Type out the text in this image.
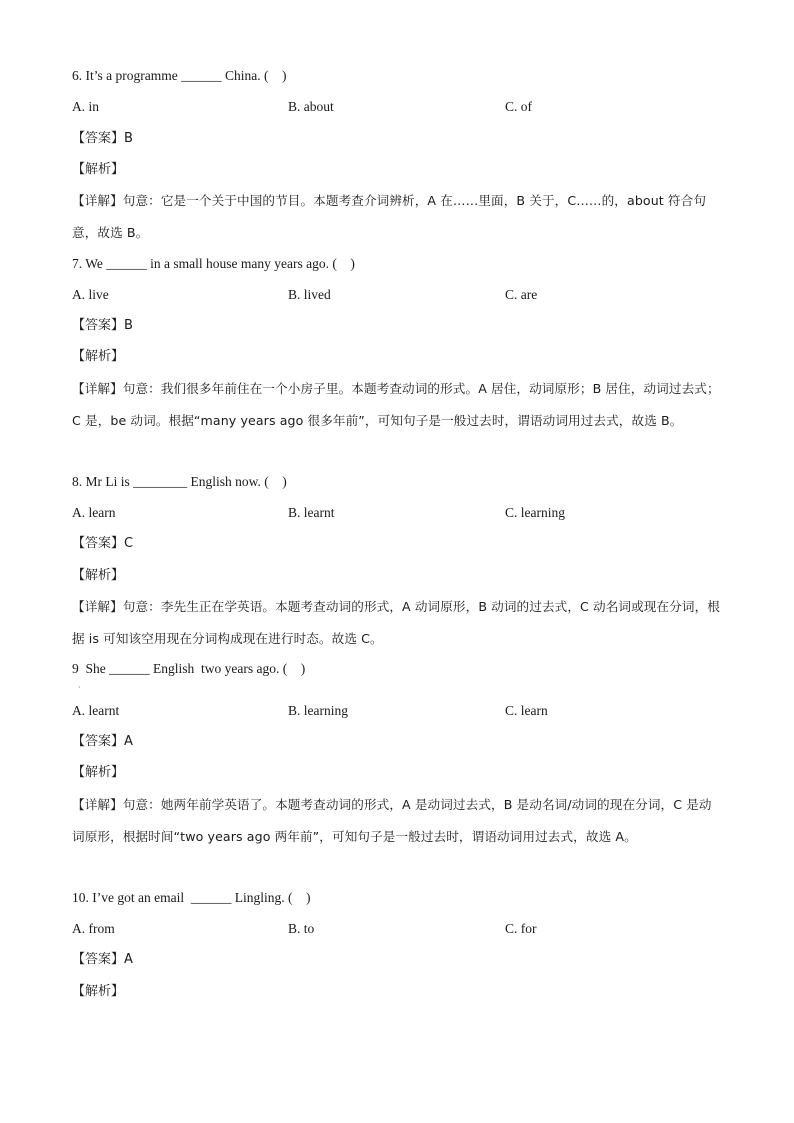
6. It’s a programme ______ China. (    )
A. in	B. about	C. of
【答案】B
【解析】
【详解】句意：它是一个关于中国的节目。本题考查介词辨析，A 在……里面，B 关于，C……的，about 符合句意，故选 B。
7. We ______ in a small house many years ago. (    )
A. live	B. lived	C. are
【答案】B
【解析】
【详解】句意：我们很多年前住在一个小房子里。本题考查动词的形式。A 居住，动词原形；B 居住，动词过去式；C 是，be 动词。根据“many years ago 很多年前”，可知句子是一般过去时，谓语动词用过去式，故选 B。
8. Mr Li is ________ English now. (    )
A. learn	B. learnt	C. learning
【答案】C
【解析】
【详解】句意：李先生正在学英语。本题考查动词的形式，A 动词原形，B 动词的过去式，C 动名词或现在分词，根据 is 可知该空用现在分词构成现在进行时态。故选 C。
9  She ______ English  two years ago. (    )
·
A. learnt	B. learning	C. learn
【答案】A
【解析】
【详解】句意：她两年前学英语了。本题考查动词的形式，A 是动词过去式，B 是动名词/动词的现在分词，C 是动词原形，根据时间“two years ago 两年前”，可知句子是一般过去时，谓语动词用过去式，故选 A。
10. I’ve got an email  ______ Lingling. (    )
A. from	B. to	C. for
【答案】A
【解析】
